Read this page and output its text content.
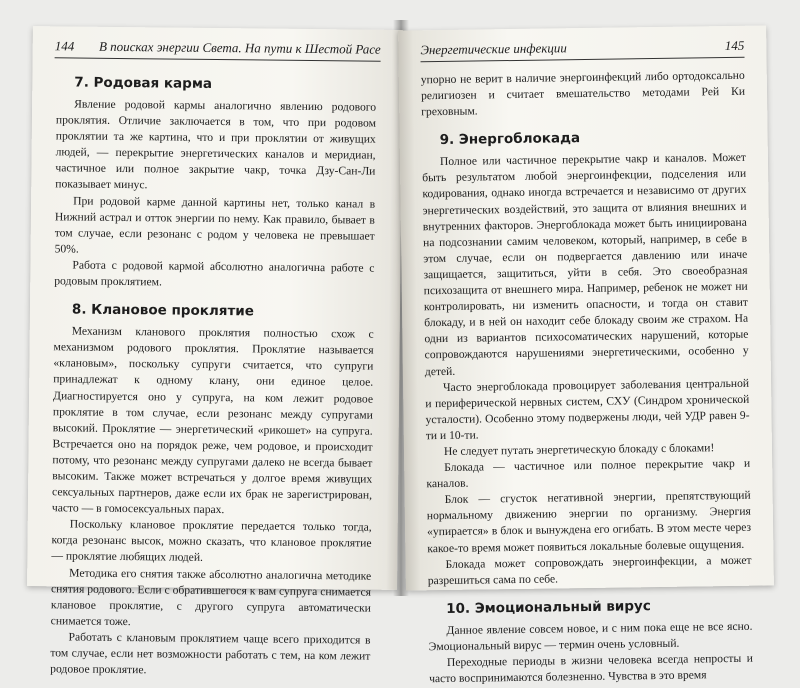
144 В поисках энергии Света. На пути к Шестой Расе
7. Родовая карма

Явление родовой кармы аналогично явлению родового проклятия. Отличие заключается в том, что при родовом проклятии та же картина, что и при проклятии от живущих людей, — перекрытие энергетических каналов и меридиан, частичное или полное закрытие чакр, точка Дзу-Сан-Ли показывает минус.

При родовой карме данной картины нет, только канал в Нижний астрал и отток энергии по нему. Как правило, бывает в том случае, если резонанс с родом у человека не превышает 50%.

Работа с родовой кармой абсолютно аналогична работе с родовым проклятием.

8. Клановое проклятие

Механизм кланового проклятия полностью схож с механизмом родового проклятия. Проклятие называется «клановым», поскольку супруги считается, что супруги принадлежат к одному клану, они единое целое. Диагностируется оно у супруга, на ком лежит родовое проклятие в том случае, если резонанс между супругами высокий. Проклятие — энергетический «рикошет» на супруга. Встречается оно на порядок реже, чем родовое, и происходит потому, что резонанс между супругами далеко не всегда бывает высоким. Также может встречаться у долгое время живущих сексуальных партнеров, даже если их брак не зарегистрирован, часто — в гомосексуальных парах.

Поскольку клановое проклятие передается только тогда, когда резонанс высок, можно сказать, что клановое проклятие — проклятие любящих людей.

Методика его снятия также абсолютно аналогична методике снятия родового. Если с обратившегося к вам супруга снимается клановое проклятие, с другого супруга автоматически снимается тоже.

Работать с клановым проклятием чаще всего приходится в том случае, если нет возможности работать с тем, на ком лежит родовое проклятие.

Энергетические инфекции	145

упорно не верит в наличие энергоинфекций либо ортодоксально религиозен и считает вмешательство методами Рей Ки греховным.

9. Энергоблокада

Полное или частичное перекрытие чакр и каналов. Может быть результатом любой энергоинфекции, подселения или кодирования, однако иногда встречается и независимо от других энергетических воздействий, это защита от влияния внешних и внутренних факторов. Энергоблокада может быть инициирована на подсознании самим человеком, который, например, в себе в этом случае, если он подвергается давлению или иначе защищается, защититься, уйти в себя. Это своеобразная психозащита от внешнего мира. Например, ребенок не может ни контролировать, ни изменить опасности, и тогда он ставит блокаду, и в ней он находит себе блокаду своим же страхом. На одни из вариантов психосоматических нарушений, которые сопровождаются нарушениями энергетическими, особенно у детей.

Часто энергоблокада провоцирует заболевания центральной и периферической нервных систем, СХУ (Синдром хронической усталости). Особенно этому подвержены люди, чей УДР равен 9-ти и 10-ти.

Не следует путать энергетическую блокаду с блоками!

Блокада — частичное или полное перекрытие чакр и каналов.

Блок — сгусток негативной энергии, препятствующий нормальному движению энергии по организму. Энергия «упирается» в блок и вынуждена его огибать. В этом месте через какое-то время может появиться локальные болевые ощущения.

Блокада может сопровождать энергоинфекции, а может разрешиться сама по себе.

10. Эмоциональный вирус

Данное явление совсем новое, и с ним пока еще не все ясно. Эмоциональный вирус — термин очень условный.

Переходные периоды в жизни человека всегда непросты и часто воспринимаются болезненно. Чувства в это время
